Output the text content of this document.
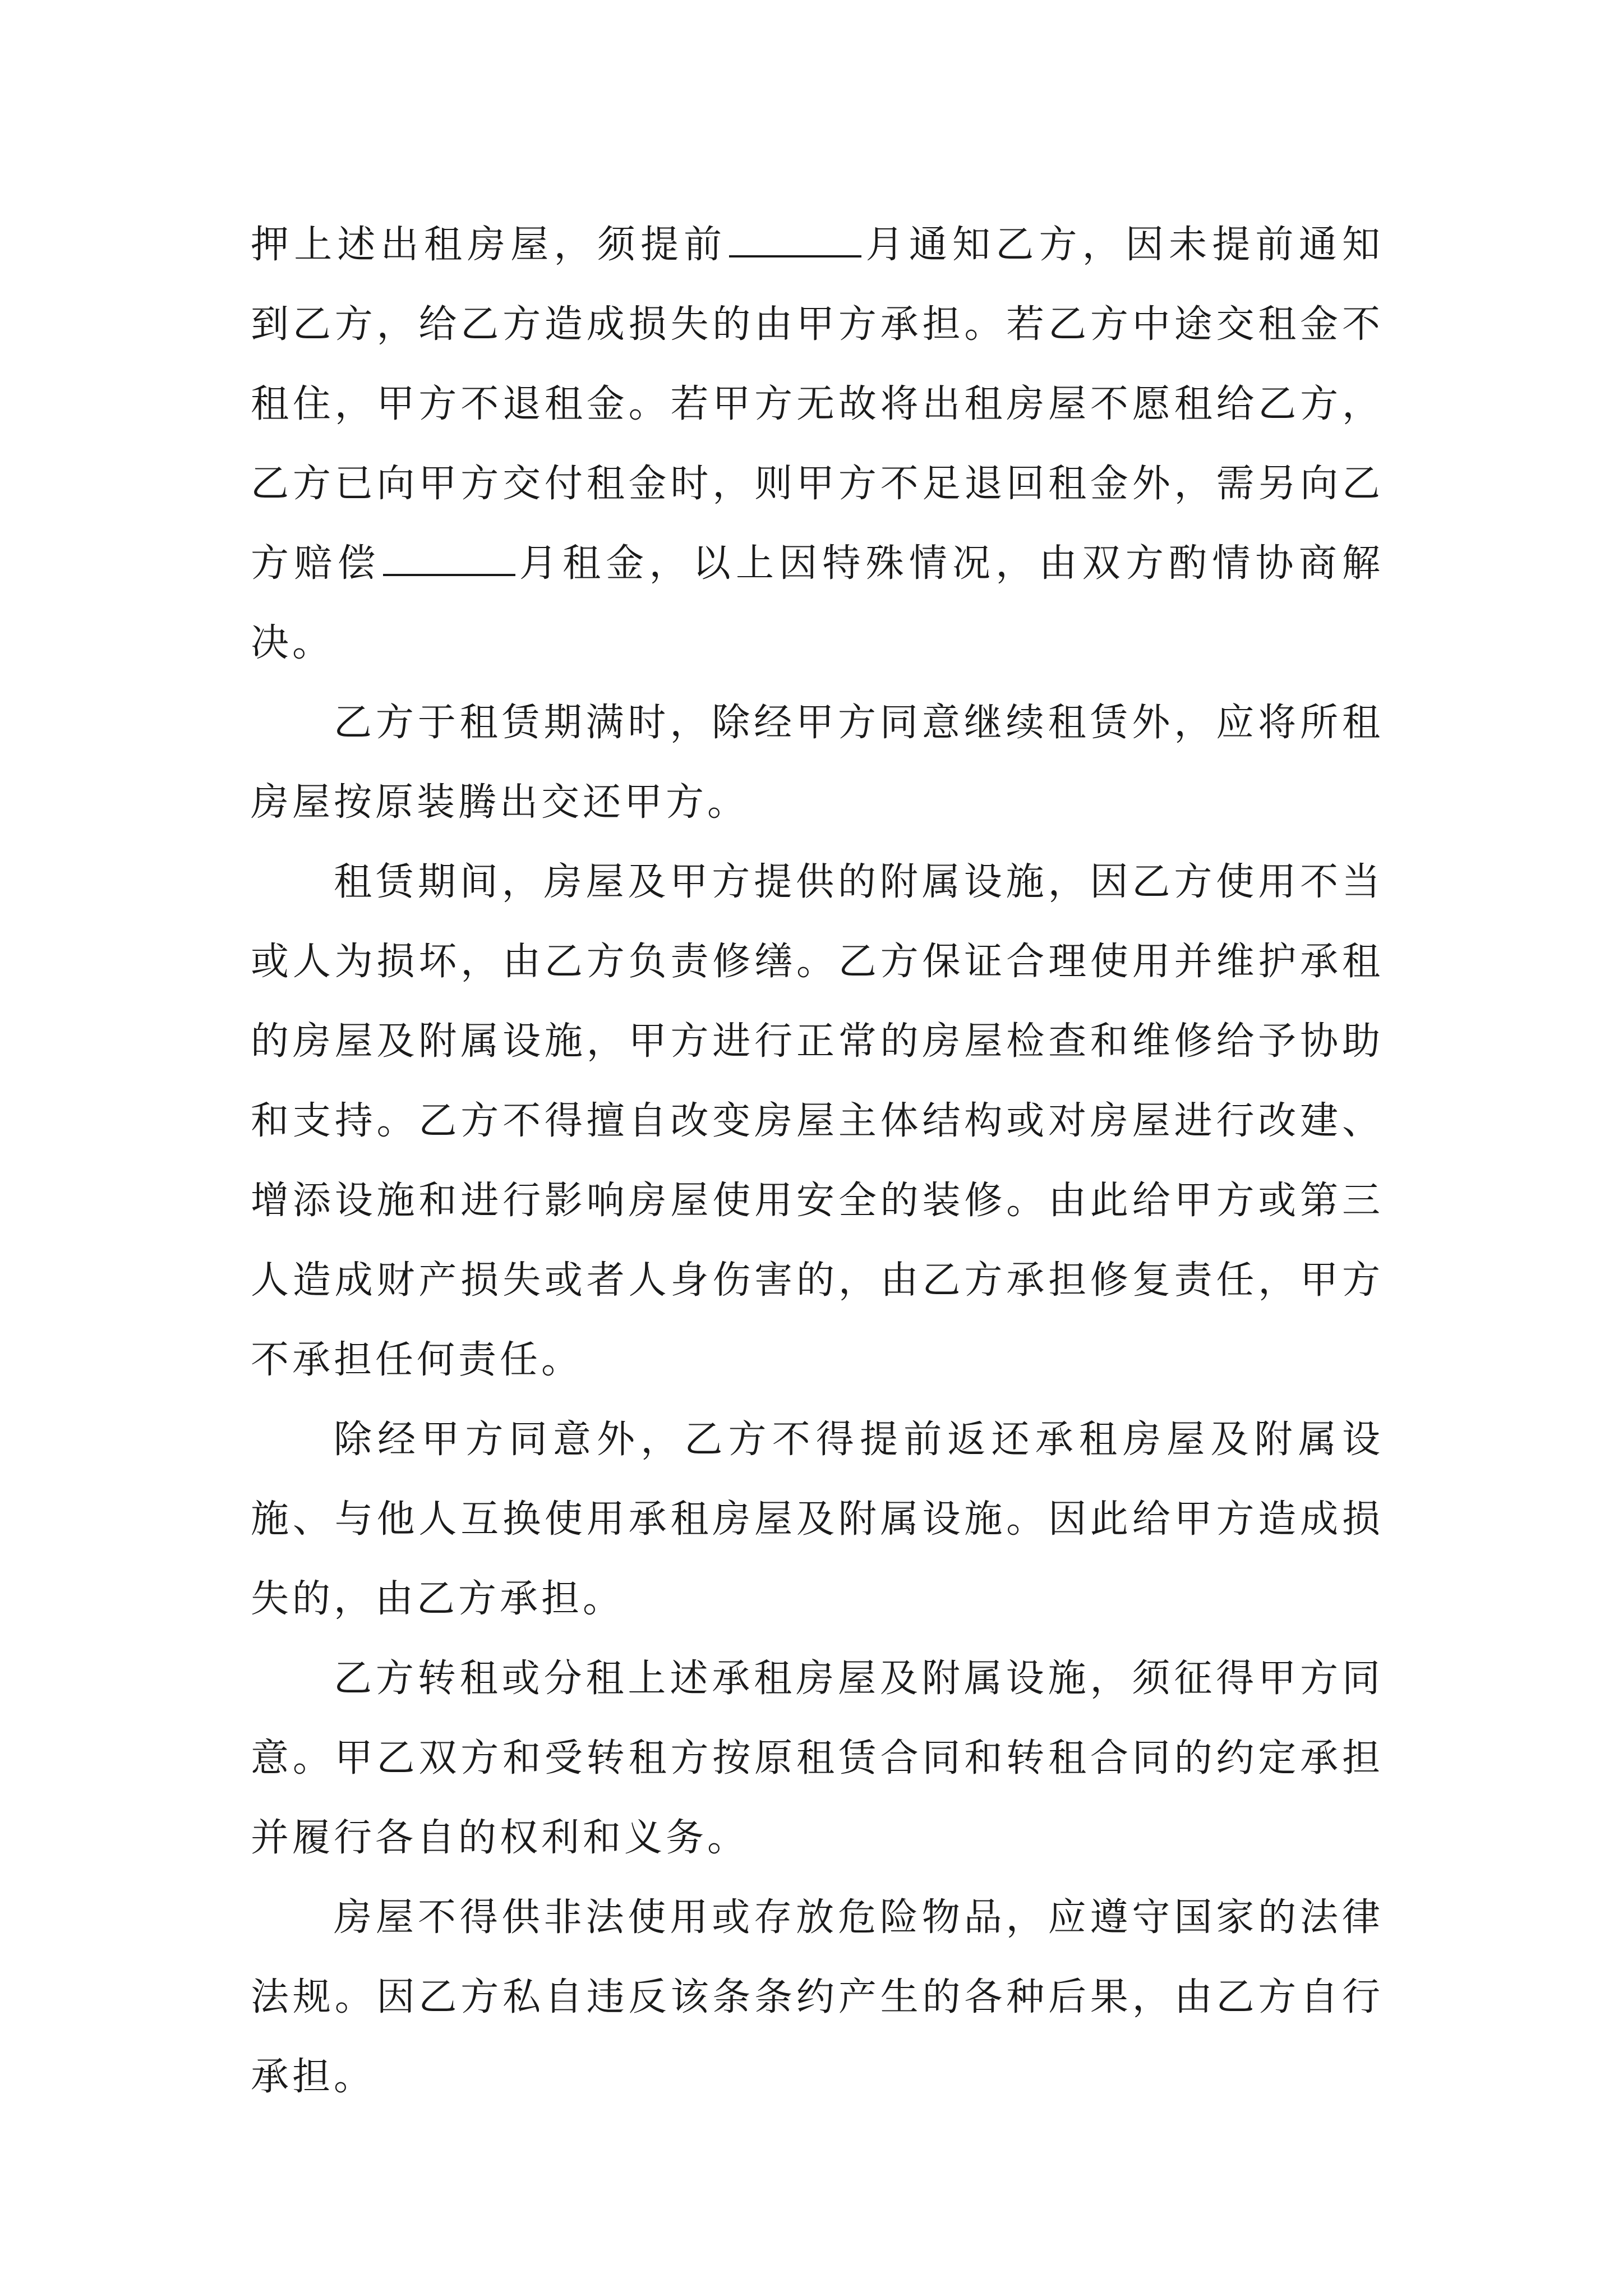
押上述出租房屋，须提前	月通知乙方，因未提前通知到乙方，给乙方造成损失的由甲方承担。若乙方中途交租金不租住，甲方不退租金。若甲方无故将出租房屋不愿租给乙方，乙方已向甲方交付租金时，则甲方不足退回租金外，需另向乙方赔偿	月租金，以上因特殊情况，由双方酌情协商解决。

乙方于租赁期满时，除经甲方同意继续租赁外，应将所租房屋按原装腾出交还甲方。

租赁期间，房屋及甲方提供的附属设施，因乙方使用不当或人为损坏，由乙方负责修缮。乙方保证合理使用并维护承租的房屋及附属设施，甲方进行正常的房屋检查和维修给予协助和支持。乙方不得擅自改变房屋主体结构或对房屋进行改建、增添设施和进行影响房屋使用安全的装修。由此给甲方或第三人造成财产损失或者人身伤害的，由乙方承担修复责任，甲方不承担任何责任。

除经甲方同意外，乙方不得提前返还承租房屋及附属设施、与他人互换使用承租房屋及附属设施。因此给甲方造成损失的，由乙方承担。

乙方转租或分租上述承租房屋及附属设施，须征得甲方同意。甲乙双方和受转租方按原租赁合同和转租合同的约定承担并履行各自的权利和义务。

房屋不得供非法使用或存放危险物品，应遵守国家的法律法规。因乙方私自违反该条条约产生的各种后果，由乙方自行承担。
